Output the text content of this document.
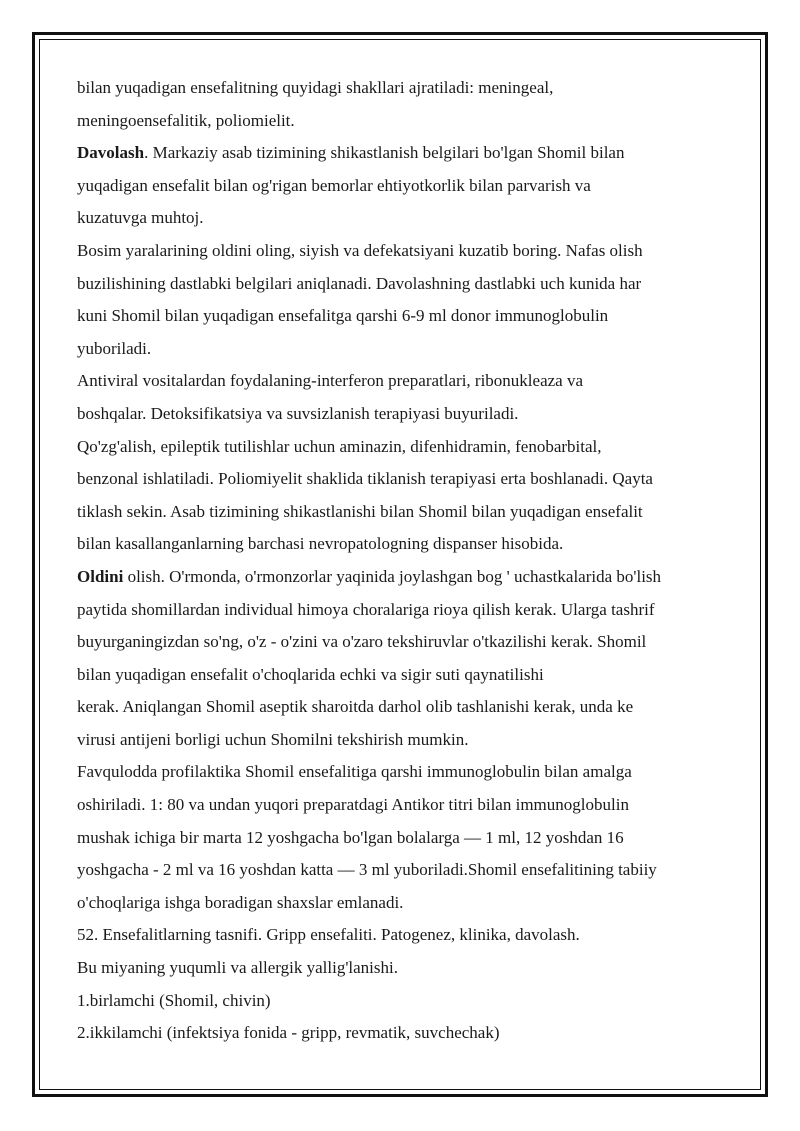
bilan yuqadigan ensefalitning quyidagi shakllari ajratiladi: meningeal,

meningoensefalitik, poliomielit.

Davolash. Markaziy asab tizimining shikastlanish belgilari bo'lgan Shomil bilan

yuqadigan ensefalit bilan og'rigan bemorlar ehtiyotkorlik bilan parvarish va

kuzatuvga muhtoj.

Bosim yaralarining oldini oling, siyish va defekatsiyani kuzatib boring. Nafas olish

buzilishining dastlabki belgilari aniqlanadi. Davolashning dastlabki uch kunida har

kuni Shomil bilan yuqadigan ensefalitga qarshi 6-9 ml donor immunoglobulin

yuboriladi.

Antiviral vositalardan foydalaning-interferon preparatlari, ribonukleaza va

boshqalar. Detoksifikatsiya va suvsizlanish terapiyasi buyuriladi.

Qo'zg'alish, epileptik tutilishlar uchun aminazin, difenhidramin, fenobarbital,

benzonal ishlatiladi. Poliomiyelit shaklida tiklanish terapiyasi erta boshlanadi. Qayta

tiklash sekin. Asab tizimining shikastlanishi bilan Shomil bilan yuqadigan ensefalit

bilan kasallanganlarning barchasi nevropatologning dispanser hisobida.

Oldini olish. O'rmonda, o'rmonzorlar yaqinida joylashgan bog ' uchastkalarida bo'lish

paytida shomillardan individual himoya choralariga rioya qilish kerak. Ularga tashrif

buyurganingizdan so'ng, o'z - o'zini va o'zaro tekshiruvlar o'tkazilishi kerak. Shomil

bilan yuqadigan ensefalit o'choqlarida echki va sigir suti qaynatilishi

kerak. Aniqlangan Shomil aseptik sharoitda darhol olib tashlanishi kerak, unda ke

virusi antijeni borligi uchun Shomilni tekshirish mumkin.

Favqulodda profilaktika Shomil ensefalitiga qarshi immunoglobulin bilan amalga

oshiriladi. 1: 80 va undan yuqori preparatdagi Antikor titri bilan immunoglobulin

mushak ichiga bir marta 12 yoshgacha bo'lgan bolalarga — 1 ml, 12 yoshdan 16

yoshgacha - 2 ml va 16 yoshdan katta — 3 ml yuboriladi.Shomil ensefalitining tabiiy

o'choqlariga ishga boradigan shaxslar emlanadi.

52. Ensefalitlarning tasnifi. Gripp ensefaliti. Patogenez, klinika, davolash.

Bu miyaning yuqumli va allergik yallig'lanishi.

1.birlamchi (Shomil, chivin)

2.ikkilamchi (infektsiya fonida - gripp, revmatik, suvchechak)
